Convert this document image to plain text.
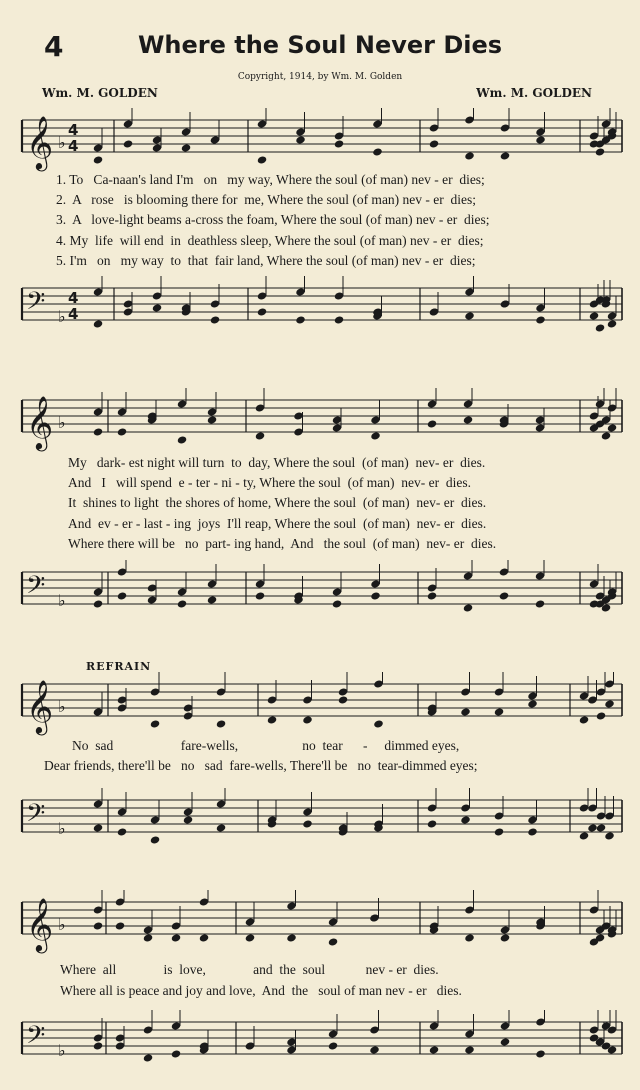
4	Where the Soul Never Dies
Copyright, 1914, by Wm. M. Golden
Wm. M. GOLDEN	Wm. M. GOLDEN
𝄞 ♭
4
4
1. To   Ca-naan's land I'm   on   my way, Where the soul (of man) nev - er  dies;
2.  A   rose   is blooming there for  me, Where the soul (of man) nev - er  dies;
3.  A   love-light beams a-cross the foam, Where the soul (of man) nev - er  dies;
4. My  life  will end  in  deathless sleep, Where the soul (of man) nev - er  dies;
5. I'm   on   my way  to  that  fair land, Where the soul (of man) nev - er  dies;
𝄢 ♭
4
4
𝄞 ♭
My   dark- est night will turn  to  day, Where the soul  (of man)  nev- er  dies.
And   I   will spend  e - ter - ni - ty, Where the soul  (of man)  nev- er  dies.
It  shines to light  the shores of home, Where the soul  (of man)  nev- er  dies.
And  ev - er - last - ing  joys  I'll reap, Where the soul  (of man)  nev- er  dies.
Where there will be   no  part- ing hand,  And   the soul  (of man)  nev- er  dies.
𝄢 ♭
REFRAIN
𝄞 ♭
No  sad                    fare-wells,                   no  tear      -     dimmed eyes,
Dear friends, there'll be   no   sad  fare-wells, There'll be   no  tear-dimmed eyes;
𝄢 ♭
𝄞 ♭
Where  all              is  love,              and  the  soul            nev - er  dies.
Where all is peace and joy and love,  And  the   soul of man nev - er   dies.
𝄢 ♭
